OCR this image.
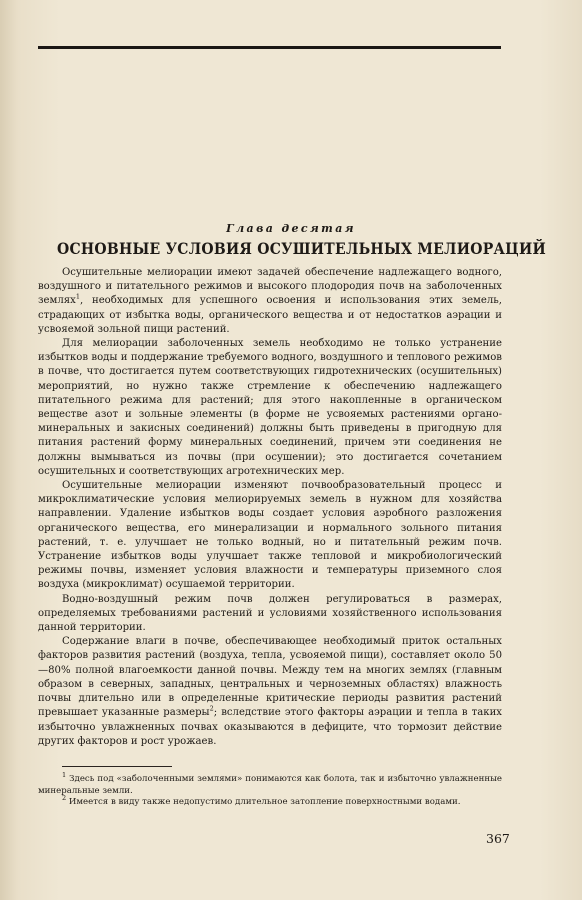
Глава десятая
ОСНОВНЫЕ УСЛОВИЯ ОСУШИТЕЛЬНЫХ МЕЛИОРАЦИЙ

Осушительные мелиорации имеют задачей обеспечение надлежащего водного, воздушного и питательного режимов и высокого плодородия почв на заболоченных землях$^1$, необходимых для успешного освоения и использования этих земель, страдающих от избытка воды, органического вещества и от недостатков аэрации и усвояемой зольной пищи растений.

Для мелиорации заболоченных земель необходимо не только устранение избытков воды и поддержание требуемого водного, воздушного и теплового режимов в почве, что достигается путем соответствующих гидротехнических (осушительных) мероприятий, но нужно также стремление к обеспечению надлежащего питательного режима для растений; для этого накопленные в органическом веществе азот и зольные элементы (в форме не усвояемых растениями органо-минеральных и закисных соединений) должны быть приведены в пригодную для питания растений форму минеральных соединений, причем эти соединения не должны вымываться из почвы (при осушении); это достигается сочетанием осушительных и соответствующих агротехнических мер.

Осушительные мелиорации изменяют почвообразовательный процесс и микроклиматические условия мелиорируемых земель в нужном для хозяйства направлении. Удаление избытков воды создает условия аэробного разложения органического вещества, его минерализации и нормального зольного питания растений, т. е. улучшает не только водный, но и питательный режим почв. Устранение избытков воды улучшает также тепловой и микробиологический режимы почвы, изменяет условия влажности и температуры приземного слоя воздуха (микроклимат) осушаемой территории.

Водно-воздушный режим почв должен регулироваться в размерах, определяемых требованиями растений и условиями хозяйственного использования данной территории.

Содержание влаги в почве, обеспечивающее необходимый приток остальных факторов развития растений (воздуха, тепла, усвояемой пищи), составляет около 50—80% полной влагоемкости данной почвы. Между тем на многих землях (главным образом в северных, западных, центральных и черноземных областях) влажность почвы длительно или в определенные критические периоды развития растений превышает указанные размеры$^2$; вследствие этого факторы аэрации и тепла в таких избыточно увлажненных почвах оказываются в дефиците, что тормозит действие других факторов и рост урожаев.

$^1$ Здесь под «заболоченными землями» понимаются как болота, так и избыточно увлажненные минеральные земли.

$^2$ Имеется в виду также недопустимо длительное затопление поверхностными водами.

367
